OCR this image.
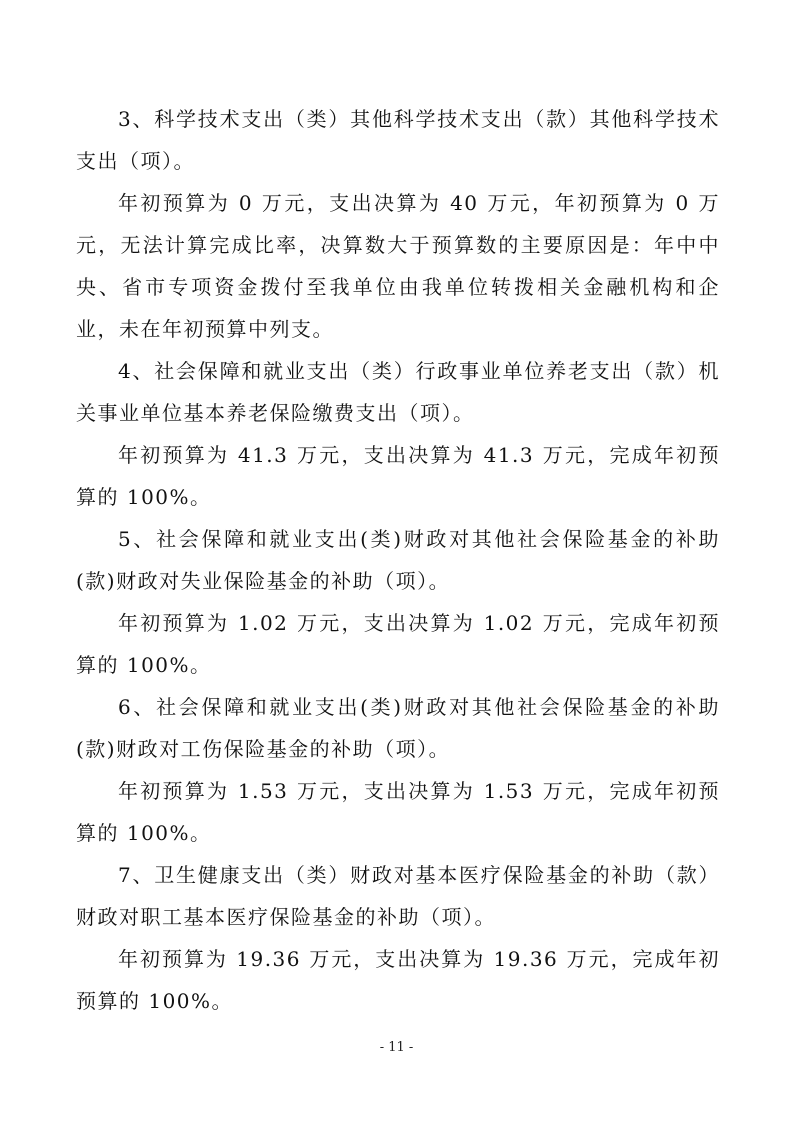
3、科学技术支出（类）其他科学技术支出（款）其他科学技术支出（项）。

年初预算为 0 万元，支出决算为 40 万元，年初预算为 0 万元，无法计算完成比率，决算数大于预算数的主要原因是：年中中央、省市专项资金拨付至我单位由我单位转拨相关金融机构和企业，未在年初预算中列支。

4、社会保障和就业支出（类）行政事业单位养老支出（款）机关事业单位基本养老保险缴费支出（项）。

年初预算为 41.3 万元，支出决算为 41.3 万元，完成年初预算的 100%。

5、社会保障和就业支出(类)财政对其他社会保险基金的补助(款)财政对失业保险基金的补助（项）。

年初预算为 1.02 万元，支出决算为 1.02 万元，完成年初预算的 100%。

6、社会保障和就业支出(类)财政对其他社会保险基金的补助(款)财政对工伤保险基金的补助（项）。

年初预算为 1.53 万元，支出决算为 1.53 万元，完成年初预算的 100%。

7、卫生健康支出（类）财政对基本医疗保险基金的补助（款）财政对职工基本医疗保险基金的补助（项）。

年初预算为 19.36 万元，支出决算为 19.36 万元，完成年初预算的 100%。

- 11 -
